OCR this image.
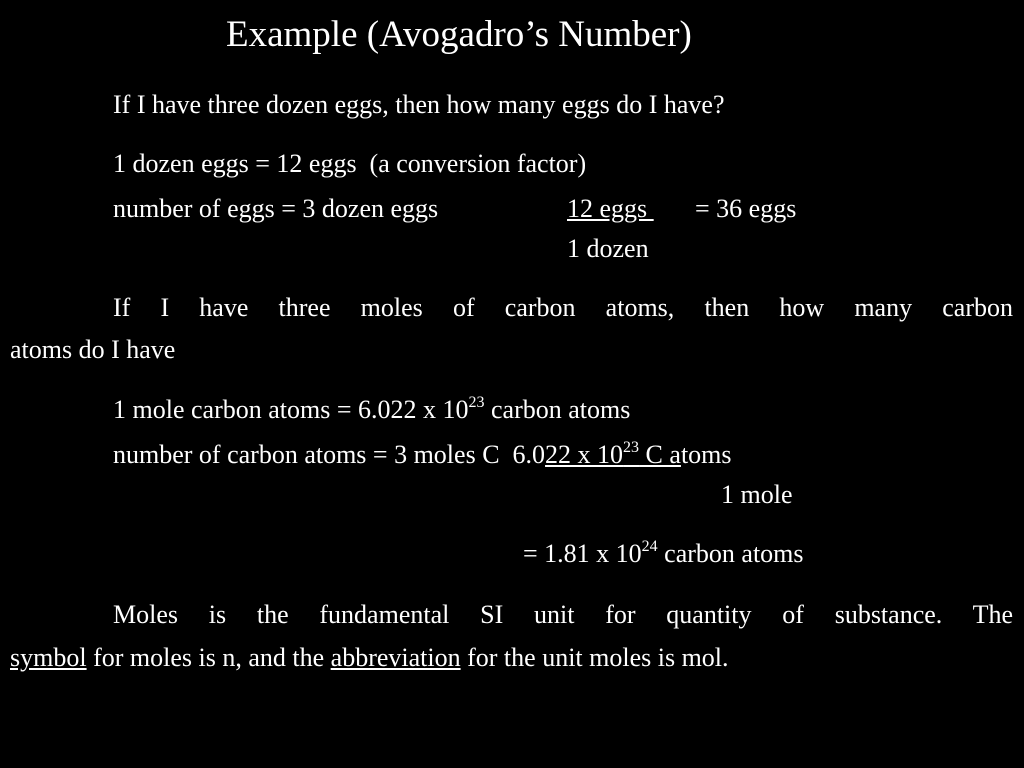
Example (Avogadro’s Number)
If I have three dozen eggs, then how many eggs do I have?
1 dozen eggs = 12 eggs  (a conversion factor)
number of eggs = 3 dozen eggs	12 eggs = 36 eggs
1 dozen
If I have three moles of carbon atoms, then how many carbon
atoms do I have
1 mole carbon atoms = 6.022 x $10^{23}$ carbon atoms
number of carbon atoms = 3 moles C  6.022 x $10^{23}$ C atoms
1 mole
= 1.81 x $10^{24}$ carbon atoms
Moles is the fundamental SI unit for quantity of substance. The
symbol for moles is n, and the abbreviation for the unit moles is mol.
